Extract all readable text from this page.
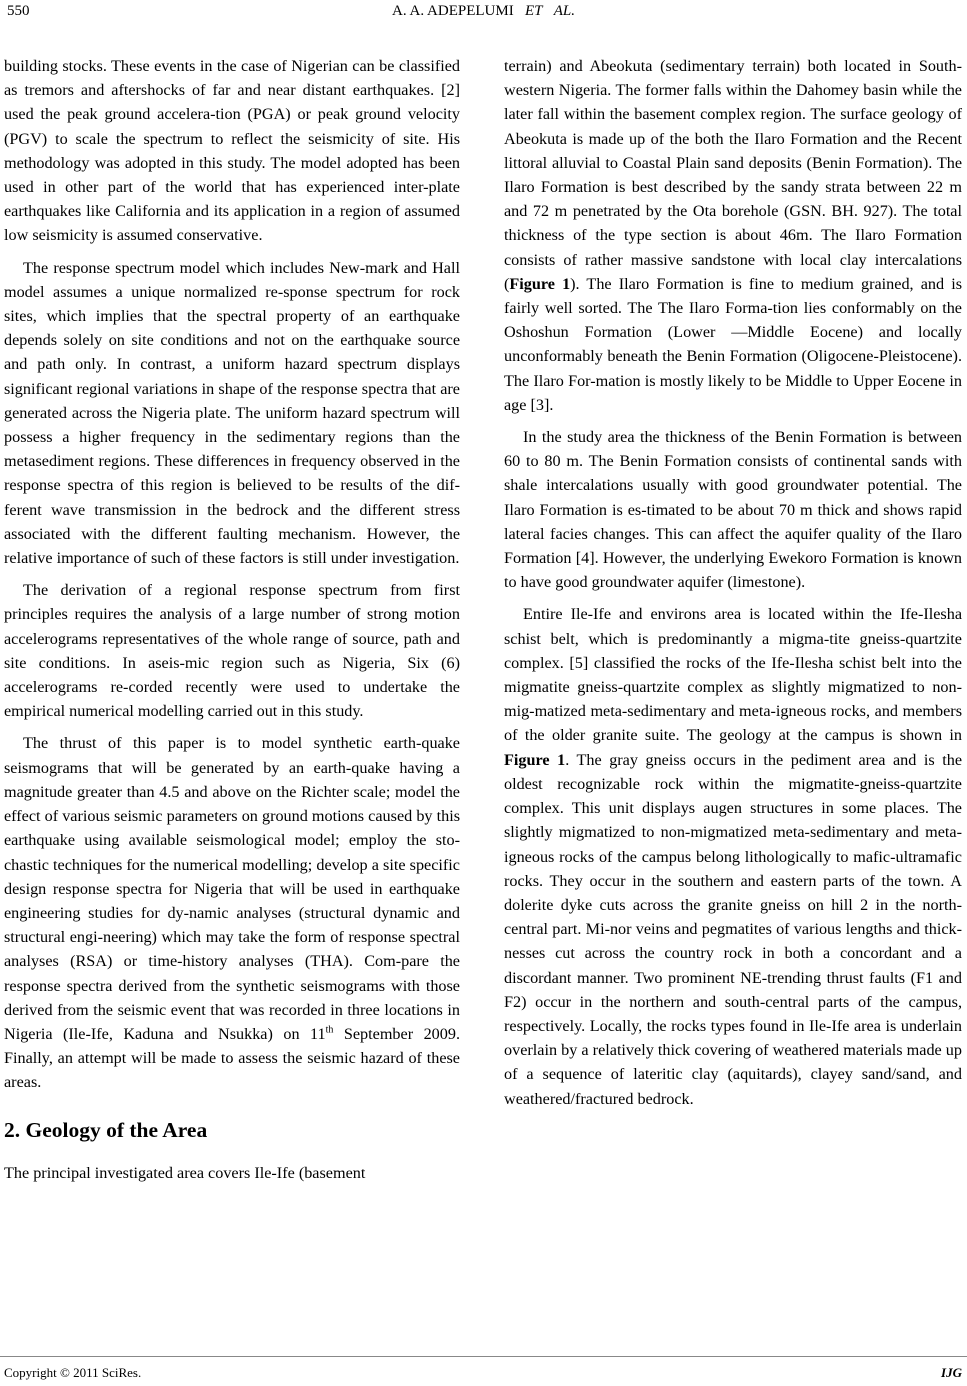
550	A. A. ADEPELUMI ET AL.

building stocks. These events in the case of Nigerian can be classified as tremors and aftershocks of far and near distant earthquakes. [2] used the peak ground accelera-tion (PGA) or peak ground velocity (PGV) to scale the spectrum to reflect the seismicity of site. His methodology was adopted in this study. The model adopted has been used in other part of the world that has experienced inter-plate earthquakes like California and its application in a region of assumed low seismicity is assumed conservative.

The response spectrum model which includes New-mark and Hall model assumes a unique normalized re-sponse spectrum for rock sites, which implies that the spectral property of an earthquake depends solely on site conditions and not on the earthquake source and path only. In contrast, a uniform hazard spectrum displays significant regional variations in shape of the response spectra that are generated across the Nigeria plate. The uniform hazard spectrum will possess a higher frequency in the sedimentary regions than the metasediment regions. These differences in frequency observed in the response spectra of this region is believed to be results of the dif-ferent wave transmission in the bedrock and the different stress associated with the different faulting mechanism. However, the relative importance of such of these factors is still under investigation.

The derivation of a regional response spectrum from first principles requires the analysis of a large number of strong motion accelerograms representatives of the whole range of source, path and site conditions. In aseis-mic region such as Nigeria, Six (6) accelerograms re-corded recently were used to undertake the empirical numerical modelling carried out in this study.

The thrust of this paper is to model synthetic earth-quake seismograms that will be generated by an earth-quake having a magnitude greater than 4.5 and above on the Richter scale; model the effect of various seismic parameters on ground motions caused by this earthquake using available seismological model; employ the sto-chastic techniques for the numerical modelling; develop a site specific design response spectra for Nigeria that will be used in earthquake engineering studies for dy-namic analyses (structural dynamic and structural engi-neering) which may take the form of response spectral analyses (RSA) or time-history analyses (THA). Com-pare the response spectra derived from the synthetic seismograms with those derived from the seismic event that was recorded in three locations in Nigeria (Ile-Ife, Kaduna and Nsukka) on 11th September 2009. Finally, an attempt will be made to assess the seismic hazard of these areas.

2. Geology of the Area

The principal investigated area covers Ile-Ife (basement

terrain) and Abeokuta (sedimentary terrain) both located in South-western Nigeria. The former falls within the Dahomey basin while the later fall within the basement complex region. The surface geology of Abeokuta is made up of the both the Ilaro Formation and the Recent littoral alluvial to Coastal Plain sand deposits (Benin Formation). The Ilaro Formation is best described by the sandy strata between 22 m and 72 m penetrated by the Ota borehole (GSN. BH. 927). The total thickness of the type section is about 46m. The Ilaro Formation consists of rather massive sandstone with local clay intercalations (Figure 1). The Ilaro Formation is fine to medium grained, and is fairly well sorted. The The Ilaro Forma-tion lies conformably on the Oshoshun Formation (Lower —Middle Eocene) and locally unconformably beneath the Benin Formation (Oligocene-Pleistocene). The Ilaro For-mation is mostly likely to be Middle to Upper Eocene in age [3].

In the study area the thickness of the Benin Formation is between 60 to 80 m. The Benin Formation consists of continental sands with shale intercalations usually with good groundwater potential. The Ilaro Formation is es-timated to be about 70 m thick and shows rapid lateral facies changes. This can affect the aquifer quality of the Ilaro Formation [4]. However, the underlying Ewekoro Formation is known to have good groundwater aquifer (limestone).

Entire Ile-Ife and environs area is located within the Ife-Ilesha schist belt, which is predominantly a migma-tite gneiss-quartzite complex. [5] classified the rocks of the Ife-Ilesha schist belt into the migmatite gneiss-quartzite complex as slightly migmatized to non-mig-matized meta-sedimentary and meta-igneous rocks, and members of the older granite suite. The geology at the campus is shown in Figure 1. The gray gneiss occurs in the pediment area and is the oldest recognizable rock within the migmatite-gneiss-quartzite complex. This unit displays augen structures in some places. The slightly migmatized to non-migmatized meta-sedimentary and meta-igneous rocks of the campus belong lithologically to mafic-ultramafic rocks. They occur in the southern and eastern parts of the town. A dolerite dyke cuts across the granite gneiss on hill 2 in the north-central part. Mi-nor veins and pegmatites of various lengths and thick-nesses cut across the country rock in both a concordant and a discordant manner. Two prominent NE-trending thrust faults (F1 and F2) occur in the northern and south-central parts of the campus, respectively. Locally, the rocks types found in Ile-Ife area is underlain overlain by a relatively thick covering of weathered materials made up of a sequence of lateritic clay (aquitards), clayey sand/sand, and weathered/fractured bedrock.

Copyright © 2011 SciRes.	IJG
